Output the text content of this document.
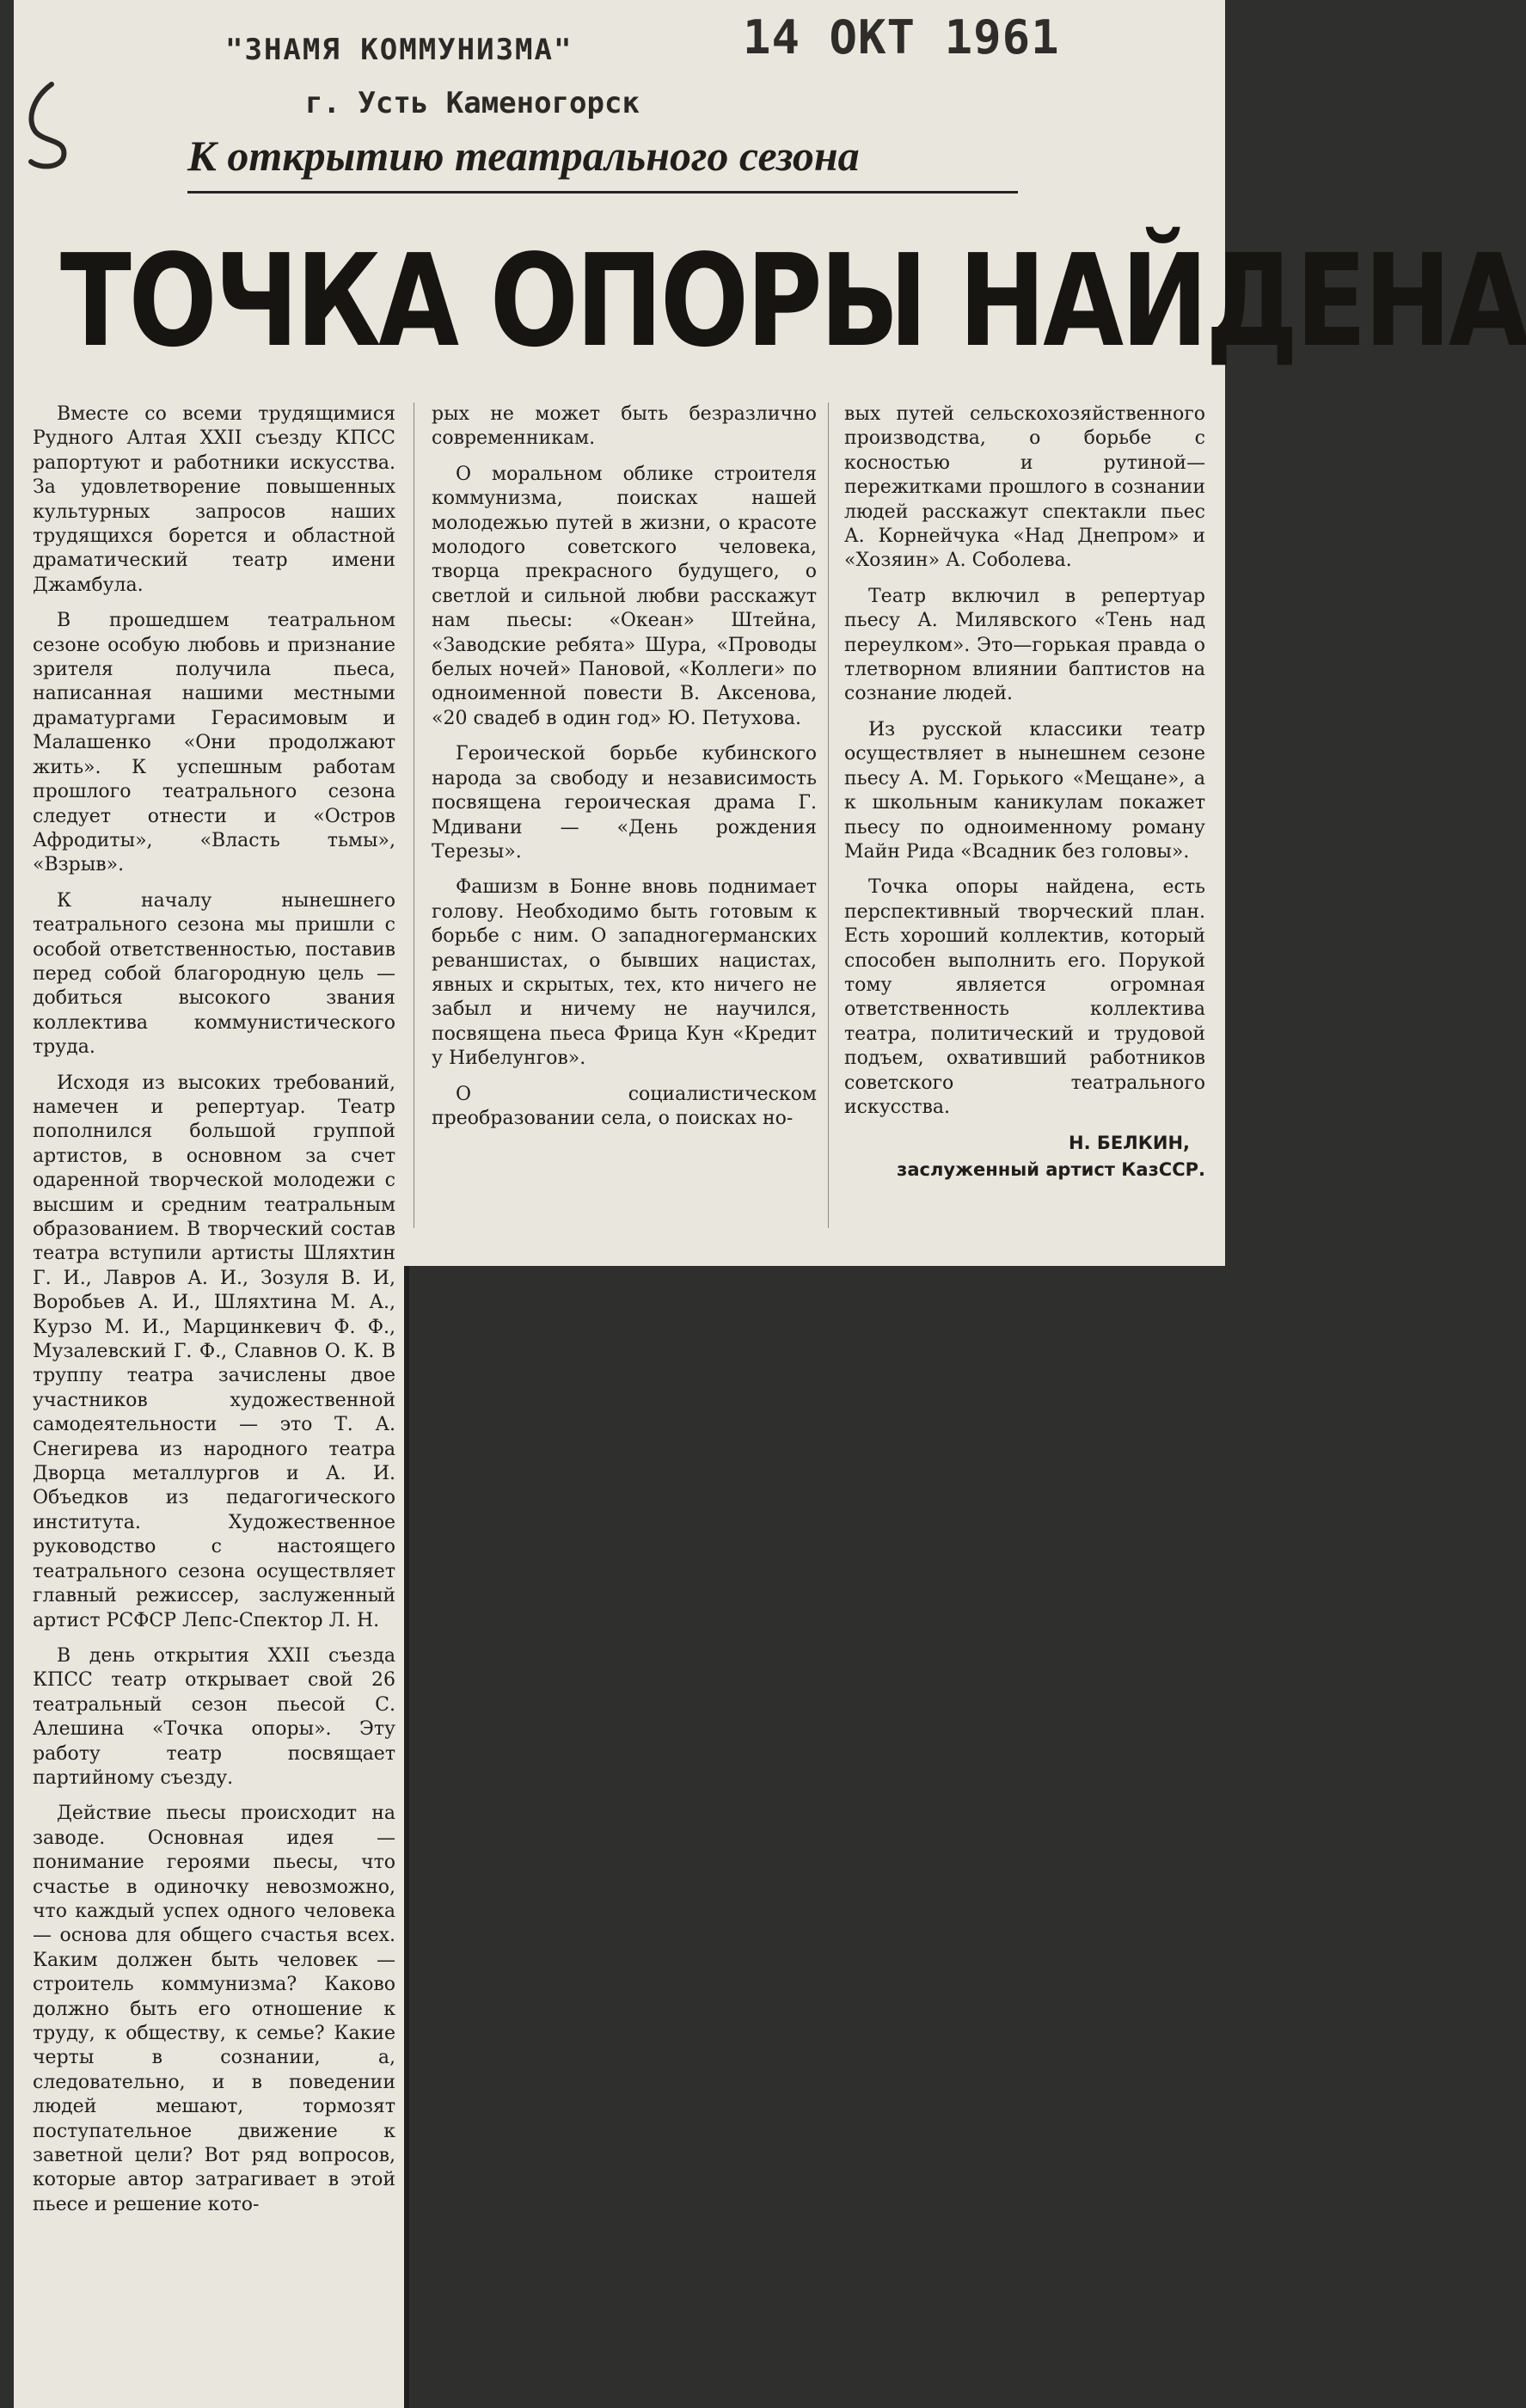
"ЗНАМЯ КОММУНИЗМА"
г. Усть Каменогорск
14 ОКТ 1961
К открытию театрального сезона
ТОЧКА ОПОРЫ НАЙДЕНА

Вместе со всеми трудящимися Рудного Алтая XXII съезду КПСС рапортуют и работники искусства. За удовлетворение повышенных культурных запросов наших трудящихся борется и областной драматический театр имени Джамбула.

В прошедшем театральном сезоне особую любовь и признание зрителя получила пьеса, написанная нашими местными драматургами Герасимовым и Малашенко «Они продолжают жить». К успешным работам прошлого театрального сезона следует отнести и «Остров Афродиты», «Власть тьмы», «Взрыв».

К началу нынешнего театрального сезона мы пришли с особой ответственностью, поставив перед собой благородную цель — добиться высокого звания коллектива коммунистического труда.

Исходя из высоких требований, намечен и репертуар. Театр пополнился большой группой артистов, в основном за счет одаренной творческой молодежи с высшим и средним театральным образованием. В творческий состав театра вступили артисты Шляхтин Г. И., Лавров А. И., Зозуля В. И, Воробьев А. И., Шляхтина М. А., Курзо М. И., Марцинкевич Ф. Ф., Музалевский Г. Ф., Славнов О. К. В труппу театра зачислены двое участников художественной самодеятельности — это Т. А. Снегирева из народного театра Дворца металлургов и А. И. Объедков из педагогического института. Художественное руководство с настоящего театрального сезона осуществляет главный режиссер, заслуженный артист РСФСР Лепс-Спектор Л. Н.

В день открытия XXII съезда КПСС театр открывает свой 26 театральный сезон пьесой С. Алешина «Точка опоры». Эту работу театр посвящает партийному съезду.

Действие пьесы происходит на заводе. Основная идея — понимание героями пьесы, что счастье в одиночку невозможно, что каждый успех одного человека — основа для общего счастья всех. Каким должен быть человек — строитель коммунизма? Каково должно быть его отношение к труду, к обществу, к семье? Какие черты в сознании, а, следовательно, и в поведении людей мешают, тормозят поступательное движение к заветной цели? Вот ряд вопросов, которые автор затрагивает в этой пьесе и решение кото-

рых не может быть безразлично современникам.

О моральном облике строителя коммунизма, поисках нашей молодежью путей в жизни, о красоте молодого советского человека, творца прекрасного будущего, о светлой и сильной любви расскажут нам пьесы: «Океан» Штейна, «Заводские ребята» Шура, «Проводы белых ночей» Пановой, «Коллеги» по одноименной повести В. Аксенова, «20 свадеб в один год» Ю. Петухова.

Героической борьбе кубинского народа за свободу и независимость посвящена героическая драма Г. Мдивани — «День рождения Терезы».

Фашизм в Бонне вновь поднимает голову. Необходимо быть готовым к борьбе с ним. О западногерманских реваншистах, о бывших нацистах, явных и скрытых, тех, кто ничего не забыл и ничему не научился, посвящена пьеса Фрица Кун «Кредит у Нибелунгов».

О социалистическом преобразовании села, о поисках но-

вых путей сельскохозяйственного производства, о борьбе с косностью и рутиной—пережитками прошлого в сознании людей расскажут спектакли пьес А. Корнейчука «Над Днепром» и «Хозяин» А. Соболева.

Театр включил в репертуар пьесу А. Милявского «Тень над переулком». Это—горькая правда о тлетворном влиянии баптистов на сознание людей.

Из русской классики театр осуществляет в нынешнем сезоне пьесу А. М. Горького «Мещане», а к школьным каникулам покажет пьесу по одноименному роману Майн Рида «Всадник без головы».

Точка опоры найдена, есть перспективный творческий план. Есть хороший коллектив, который способен выполнить его. Порукой тому является огромная ответственность коллектива театра, политический и трудовой подъем, охвативший работников советского театрального искусства.

Н. БЕЛКИН,
заслуженный артист КазССР.
